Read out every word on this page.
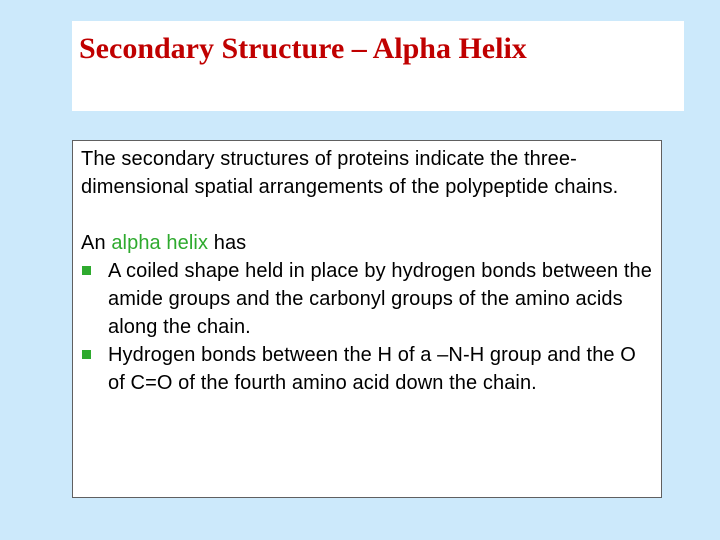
Secondary Structure – Alpha Helix

The secondary structures of proteins indicate the three-dimensional spatial arrangements of the polypeptide chains.

An alpha helix has

A coiled shape held in place by hydrogen bonds between the amide groups and the carbonyl groups of the amino acids along the chain.
Hydrogen bonds between the H of a –N-H group and the O of C=O of the fourth amino acid down the chain.
